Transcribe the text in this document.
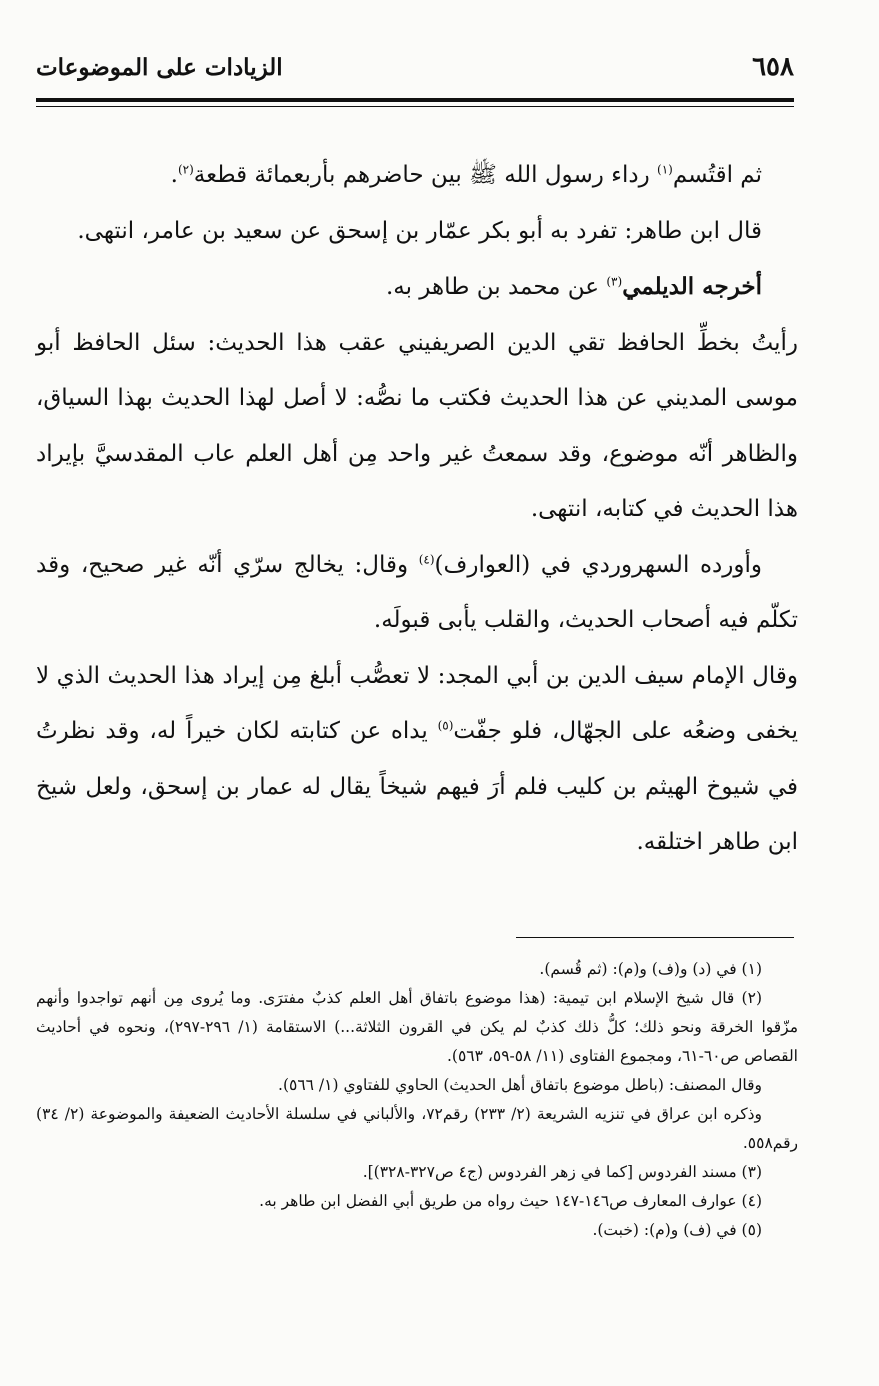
٦٥٨
الزيادات على الموضوعات

ثم اقتُسم$^{(١)}$ رداء رسول الله ﷺ بين حاضرهم بأربعمائة قطعة$^{(٢)}$.

قال ابن طاهر: تفرد به أبو بكر عمّار بن إسحق عن سعيد بن عامر، انتهى.

أخرجه الديلمي$^{(٣)}$ عن محمد بن طاهر به.

رأيتُ بخطِّ الحافظ تقي الدين الصريفيني عقب هذا الحديث: سئل الحافظ أبو موسى المديني عن هذا الحديث فكتب ما نصُّه: لا أصل لهذا الحديث بهذا السياق، والظاهر أنّه موضوع، وقد سمعتُ غير واحد مِن أهل العلم عاب المقدسيَّ بإيراد هذا الحديث في كتابه، انتهى.

وأورده السهروردي في (العوارف)$^{(٤)}$ وقال: يخالج سرّي أنّه غير صحيح، وقد تكلّم فيه أصحاب الحديث، والقلب يأبى قبولَه.

وقال الإمام سيف الدين بن أبي المجد: لا تعصُّب أبلغ مِن إيراد هذا الحديث الذي لا يخفى وضعُه على الجهّال، فلو جفّت$^{(٥)}$ يداه عن كتابته لكان خيراً له، وقد نظرتُ في شيوخ الهيثم بن كليب فلم أرَ فيهم شيخاً يقال له عمار بن إسحق، ولعل شيخ ابن طاهر اختلقه.

(١) في (د) و(ف) و(م): (ثم قُسم).

(٢) قال شيخ الإسلام ابن تيمية: (هذا موضوع باتفاق أهل العلم كذبٌ مفترَى. وما يُروى مِن أنهم تواجدوا وأنهم مزّقوا الخرقة ونحو ذلك؛ كلُّ ذلك كذبٌ لم يكن في القرون الثلاثة...) الاستقامة (١/ ٢٩٦-٢٩٧)، ونحوه في أحاديث القصاص ص٦٠-٦١، ومجموع الفتاوى (١١/ ٥٨-٥٩، ٥٦٣).

وقال المصنف: (باطل موضوع باتفاق أهل الحديث) الحاوي للفتاوي (١/ ٥٦٦).

وذكره ابن عراق في تنزيه الشريعة (٢/ ٢٣٣) رقم٧٢، والألباني في سلسلة الأحاديث الضعيفة والموضوعة (٢/ ٣٤) رقم٥٥٨.

(٣) مسند الفردوس [كما في زهر الفردوس (ج٤ ص٣٢٧-٣٢٨)].

(٤) عوارف المعارف ص١٤٦-١٤٧ حيث رواه من طريق أبي الفضل ابن طاهر به.

(٥) في (ف) و(م): (خبت).
